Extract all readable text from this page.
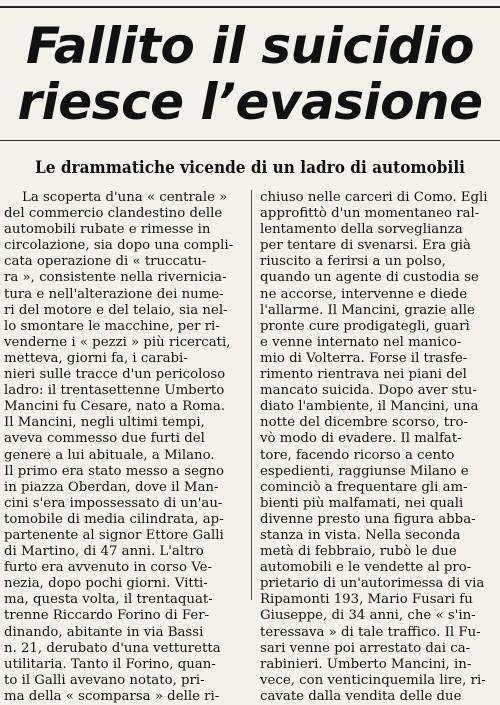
Fallito il suicidio
riesce l’evasione
Le drammatiche vicende di un ladro di automobili
La scoperta d'una « centrale »
del commercio clandestino delle
automobili rubate e rimesse in
circolazione, sia dopo una compli-
cata operazione di « truccatu-
ra », consistente nella rivernicia-
tura e nell'alterazione dei nume-
ri del motore e del telaio, sia nel-
lo smontare le macchine, per ri-
venderne i « pezzi » più ricercati,
metteva, giorni fa, i carabi-
nieri sulle tracce d'un pericoloso
ladro: il trentasettenne Umberto
Mancini fu Cesare, nato a Roma.
Il Mancini, negli ultimi tempi,
aveva commesso due furti del
genere a lui abituale, a Milano.
Il primo era stato messo a segno
in piazza Oberdan, dove il Man-
cini s'era impossessato di un'au-
tomobile di media cilindrata, ap-
partenente al signor Ettore Galli
di Martino, di 47 anni. L'altro
furto era avvenuto in corso Ve-
nezia, dopo pochi giorni. Vitti-
ma, questa volta, il trentaquat-
trenne Riccardo Forino di Fer-
dinando, abitante in via Bassi
n. 21, derubato d'una vetturetta
utilitaria. Tanto il Forino, quan-
to il Galli avevano notato, pri-
ma della « scomparsa » delle ri-
chiuso nelle carceri di Como. Egli
approfittò d'un momentaneo ral-
lentamento della sorveglianza
per tentare di svenarsi. Era già
riuscito a ferirsi a un polso,
quando un agente di custodia se
ne accorse, intervenne e diede
l'allarme. Il Mancini, grazie alle
pronte cure prodigategli, guarì
e venne internato nel manico-
mio di Volterra. Forse il trasfe-
rimento rientrava nei piani del
mancato suicida. Dopo aver stu-
diato l'ambiente, il Mancini, una
notte del dicembre scorso, tro-
vò modo di evadere. Il malfat-
tore, facendo ricorso a cento
espedienti, raggiunse Milano e
cominciò a frequentare gli am-
bienti più malfamati, nei quali
divenne presto una figura abba-
stanza in vista. Nella seconda
metà di febbraio, rubò le due
automobili e le vendette al pro-
prietario di un'autorimessa di via
Ripamonti 193, Mario Fusari fu
Giuseppe, di 34 anni, che « s'in-
teressava » di tale traffico. Il Fu-
sari venne poi arrestato dai ca-
rabinieri. Umberto Mancini, in-
vece, con venticinquemila lire, ri-
cavate dalla vendita delle due
